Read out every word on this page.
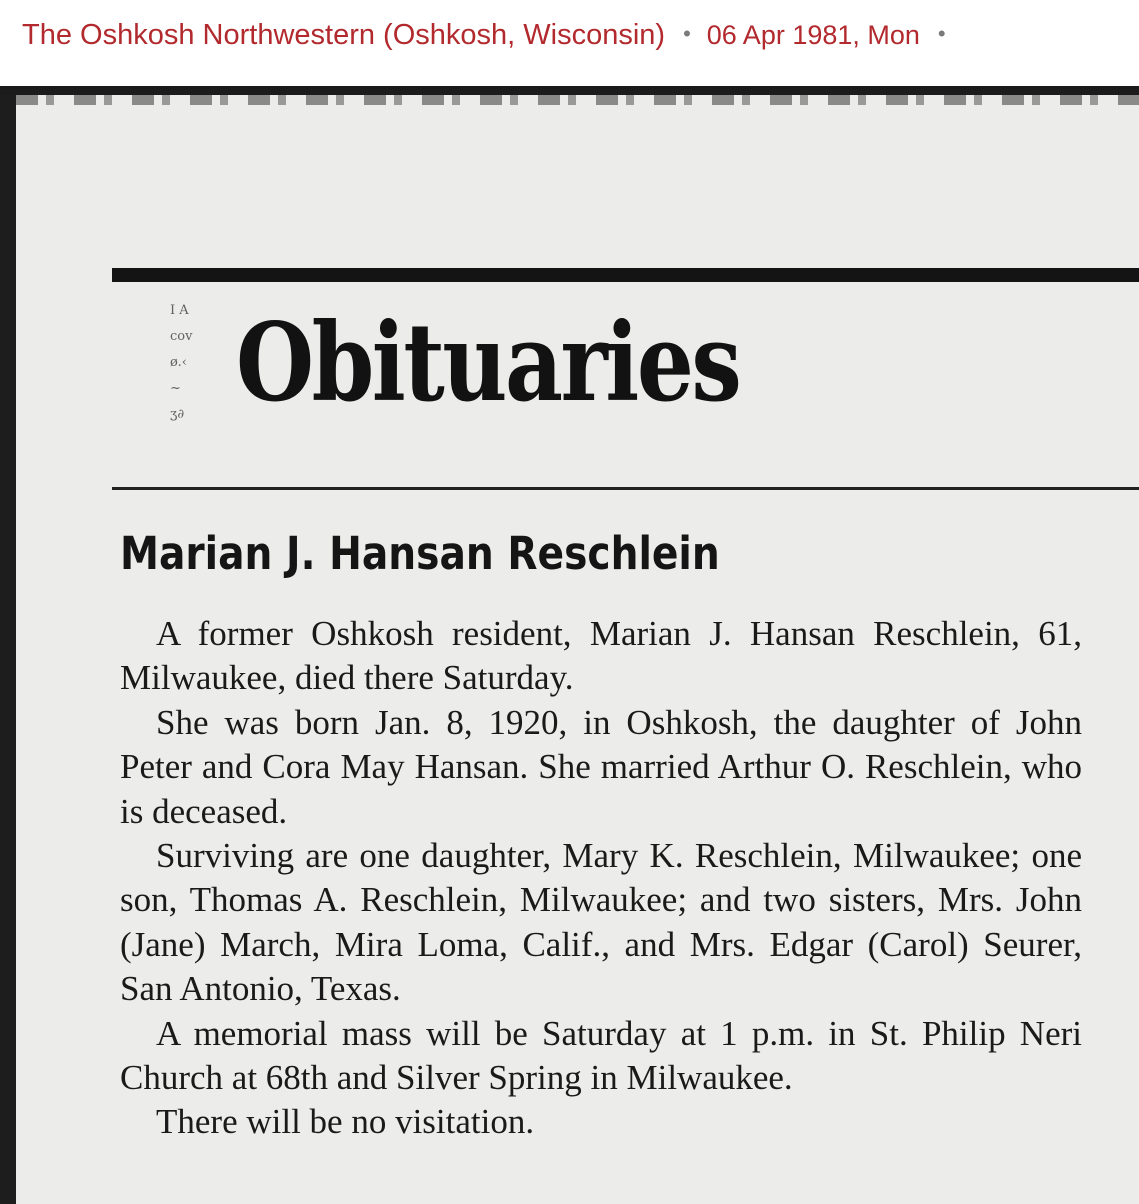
The Oshkosh Northwestern (Oshkosh, Wisconsin) • 06 Apr 1981, Mon •
I A
cov
ø.‹
~
ʒ∂ Obituaries
Marian J. Hansan Reschlein

A former Oshkosh resident, Marian J. Hansan Reschlein, 61, Milwaukee, died there Saturday.

She was born Jan. 8, 1920, in Oshkosh, the daughter of John Peter and Cora May Hansan. She married Arthur O. Reschlein, who is deceased.

Surviving are one daughter, Mary K. Reschlein, Milwaukee; one son, Thomas A. Reschlein, Milwaukee; and two sisters, Mrs. John (Jane) March, Mira Loma, Calif., and Mrs. Edgar (Carol) Seurer, San Antonio, Texas.

A memorial mass will be Saturday at 1 p.m. in St. Philip Neri Church at 68th and Silver Spring in Milwaukee.

There will be no visitation.
